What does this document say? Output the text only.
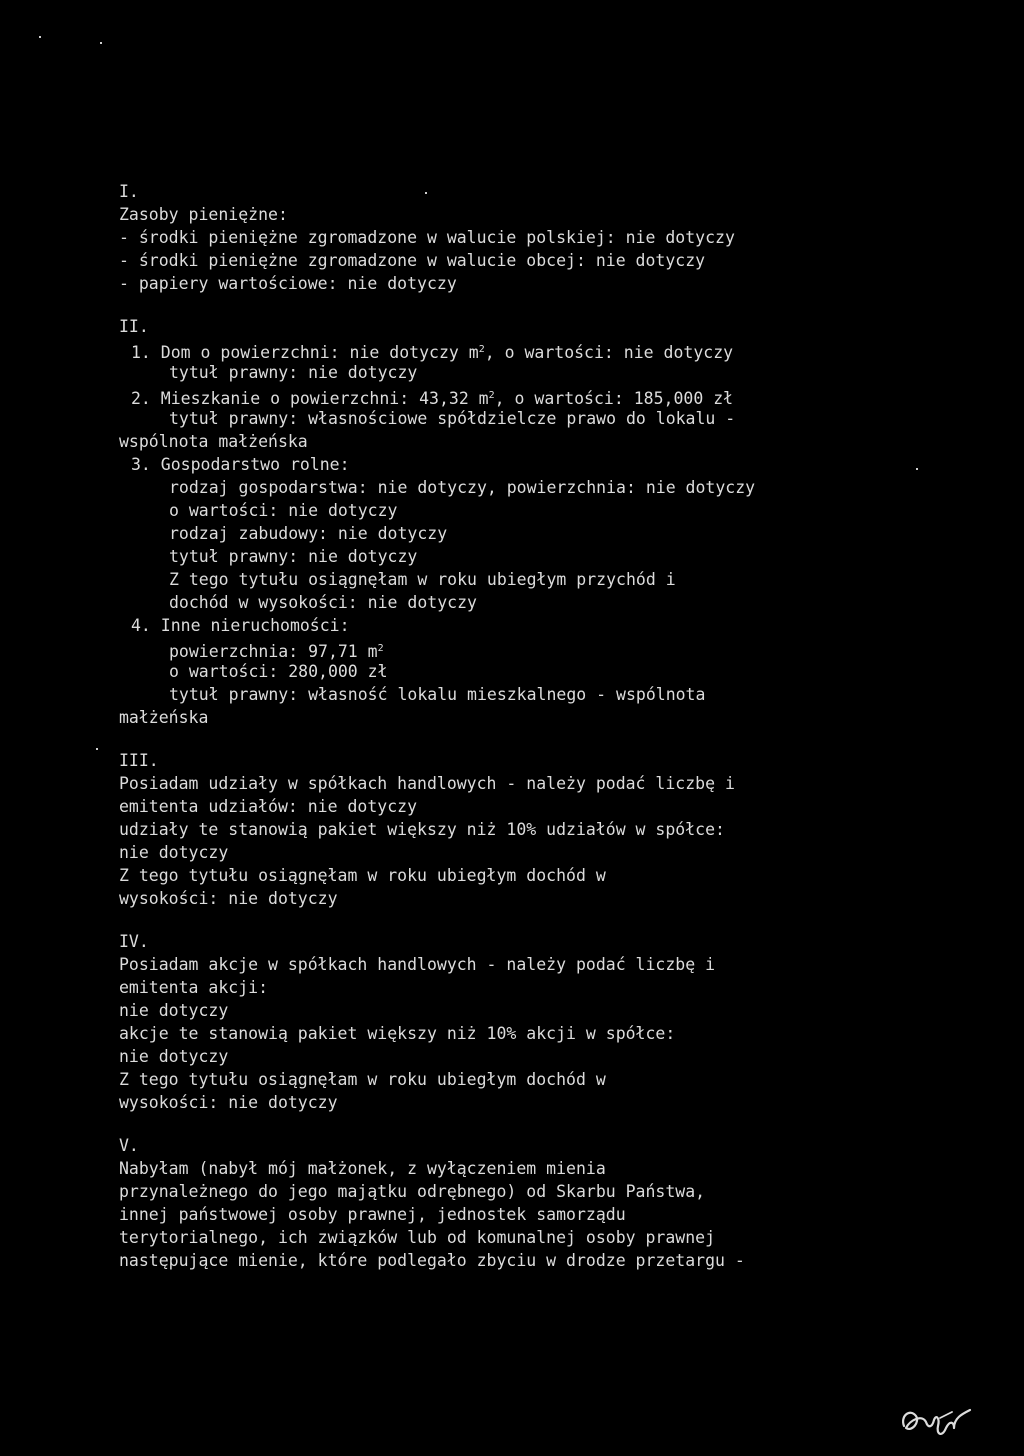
I.
Zasoby pieniężne:
- środki pieniężne zgromadzone w walucie polskiej: nie dotyczy
- środki pieniężne zgromadzone w walucie obcej: nie dotyczy
- papiery wartościowe: nie dotyczy
II.
1. Dom o powierzchni: nie dotyczy $m^2$, o wartości: nie dotyczy
tytuł prawny: nie dotyczy
2. Mieszkanie o powierzchni: 43,32 $m^2$, o wartości: 185,000 zł
tytuł prawny: własnościowe spółdzielcze prawo do lokalu -
wspólnota małżeńska
3. Gospodarstwo rolne:
rodzaj gospodarstwa: nie dotyczy, powierzchnia: nie dotyczy
o wartości: nie dotyczy
rodzaj zabudowy: nie dotyczy
tytuł prawny: nie dotyczy
Z tego tytułu osiągnęłam w roku ubiegłym przychód i
dochód w wysokości: nie dotyczy
4. Inne nieruchomości:
powierzchnia: 97,71 $m^2$
o wartości: 280,000 zł
tytuł prawny: własność lokalu mieszkalnego - wspólnota
małżeńska
III.
Posiadam udziały w spółkach handlowych - należy podać liczbę i
emitenta udziałów: nie dotyczy
udziały te stanowią pakiet większy niż 10% udziałów w spółce:
nie dotyczy
Z tego tytułu osiągnęłam w roku ubiegłym dochód w
wysokości: nie dotyczy
IV.
Posiadam akcje w spółkach handlowych - należy podać liczbę i
emitenta akcji:
nie dotyczy
akcje te stanowią pakiet większy niż 10% akcji w spółce:
nie dotyczy
Z tego tytułu osiągnęłam w roku ubiegłym dochód w
wysokości: nie dotyczy
V.
Nabyłam (nabył mój małżonek, z wyłączeniem mienia
przynależnego do jego majątku odrębnego) od Skarbu Państwa,
innej państwowej osoby prawnej, jednostek samorządu
terytorialnego, ich związków lub od komunalnej osoby prawnej
następujące mienie, które podlegało zbyciu w drodze przetargu -
